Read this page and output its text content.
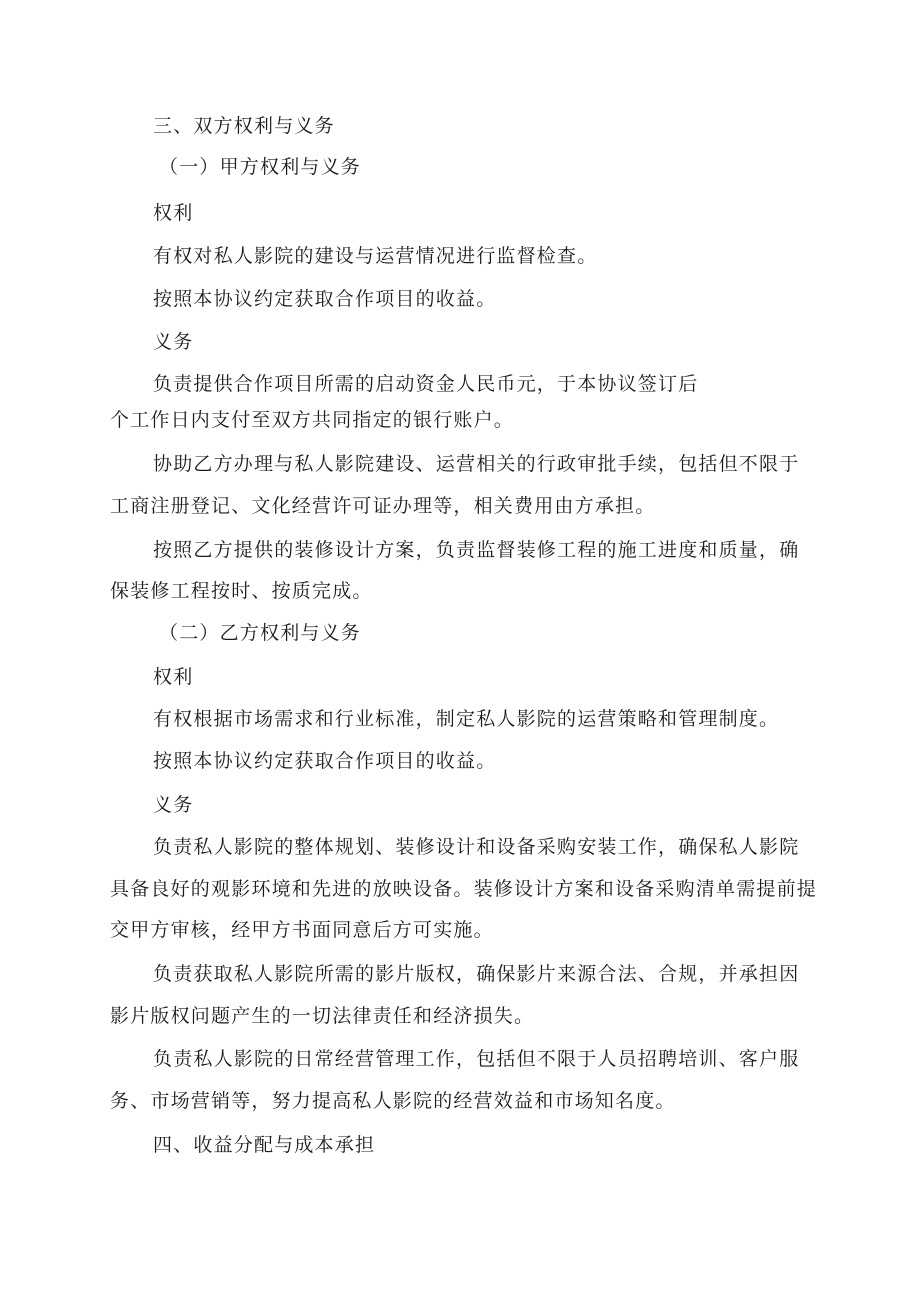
三、双方权利与义务
（一）甲方权利与义务
权利
有权对私人影院的建设与运营情况进行监督检查。
按照本协议约定获取合作项目的收益。
义务
负责提供合作项目所需的启动资金人民币元，于本协议签订后
个工作日内支付至双方共同指定的银行账户。
协助乙方办理与私人影院建设、运营相关的行政审批手续，包括但不限于
工商注册登记、文化经营许可证办理等，相关费用由方承担。
按照乙方提供的装修设计方案，负责监督装修工程的施工进度和质量，确
保装修工程按时、按质完成。
（二）乙方权利与义务
权利
有权根据市场需求和行业标准，制定私人影院的运营策略和管理制度。
按照本协议约定获取合作项目的收益。
义务
负责私人影院的整体规划、装修设计和设备采购安装工作，确保私人影院
具备良好的观影环境和先进的放映设备。装修设计方案和设备采购清单需提前提
交甲方审核，经甲方书面同意后方可实施。
负责获取私人影院所需的影片版权，确保影片来源合法、合规，并承担因
影片版权问题产生的一切法律责任和经济损失。
负责私人影院的日常经营管理工作，包括但不限于人员招聘培训、客户服
务、市场营销等，努力提高私人影院的经营效益和市场知名度。
四、收益分配与成本承担
